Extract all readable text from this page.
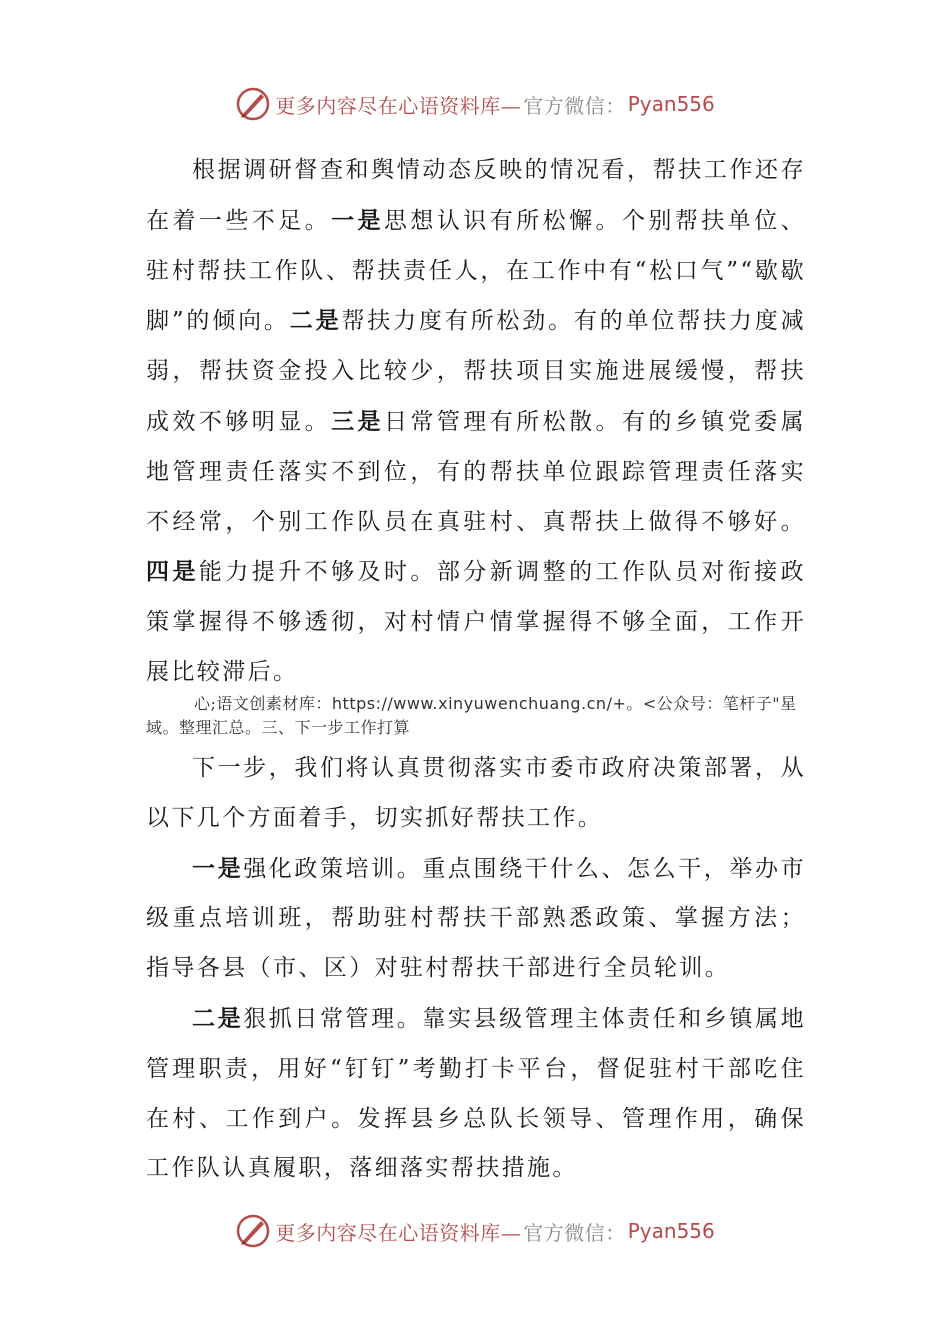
更多内容尽在心语资料库— 官方微信： Pyan556

根据调研督查和舆情动态反映的情况看，帮扶工作还存在着一些不足。一是思想认识有所松懈。个别帮扶单位、驻村帮扶工作队、帮扶责任人，在工作中有“松口气”“歇歇脚”的倾向。二是帮扶力度有所松劲。有的单位帮扶力度减弱，帮扶资金投入比较少，帮扶项目实施进展缓慢，帮扶成效不够明显。三是日常管理有所松散。有的乡镇党委属地管理责任落实不到位，有的帮扶单位跟踪管理责任落实不经常，个别工作队员在真驻村、真帮扶上做得不够好。四是能力提升不够及时。部分新调整的工作队员对衔接政策掌握得不够透彻，对村情户情掌握得不够全面，工作开展比较滞后。

心;语文创素材库：https://www.xinyuwenchuang.cn/+。<公众号：笔杆子"星域。整理汇总。三、下一步工作打算

下一步，我们将认真贯彻落实市委市政府决策部署，从以下几个方面着手，切实抓好帮扶工作。

一是强化政策培训。重点围绕干什么、怎么干，举办市级重点培训班，帮助驻村帮扶干部熟悉政策、掌握方法；指导各县（市、区）对驻村帮扶干部进行全员轮训。

二是狠抓日常管理。靠实县级管理主体责任和乡镇属地管理职责，用好“钉钉”考勤打卡平台，督促驻村干部吃住在村、工作到户。发挥县乡总队长领导、管理作用，确保工作队认真履职，落细落实帮扶措施。

更多内容尽在心语资料库— 官方微信： Pyan556
